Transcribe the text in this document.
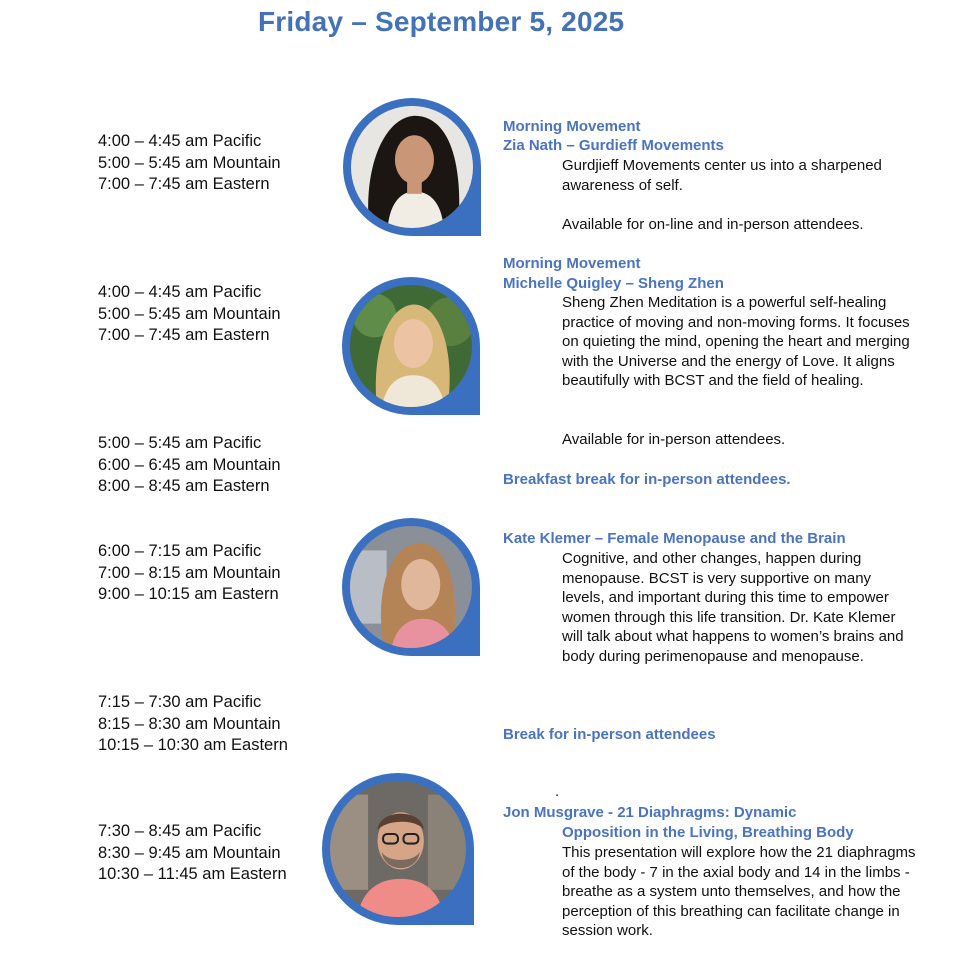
Friday – September 5, 2025
4:00 – 4:45 am Pacific
5:00 – 5:45 am Mountain
7:00 – 7:45 am Eastern
Morning Movement
Zia Nath – Gurdieff Movements
Gurdjieff Movements center us into a sharpened awareness of self.
Available for on-line and in-person attendees.
4:00 – 4:45 am Pacific
5:00 – 5:45 am Mountain
7:00 – 7:45 am Eastern
Morning Movement
Michelle Quigley – Sheng Zhen
Sheng Zhen Meditation is a powerful self-healing practice of moving and non-moving forms. It focuses on quieting the mind, opening the heart and merging with the Universe and the energy of Love. It aligns beautifully with BCST and the field of healing.
Available for in-person attendees.
5:00 – 5:45 am Pacific
6:00 – 6:45 am Mountain
8:00 – 8:45 am Eastern	Breakfast break for in-person attendees.
6:00 – 7:15 am Pacific
7:00 – 8:15 am Mountain
9:00 – 10:15 am Eastern
Kate Klemer – Female Menopause and the Brain
Cognitive, and other changes, happen during menopause. BCST is very supportive on many levels, and important during this time to empower women through this life transition. Dr. Kate Klemer will talk about what happens to women’s brains and body during perimenopause and menopause.
7:15 – 7:30 am Pacific
8:15 – 8:30 am Mountain
10:15 – 10:30 am Eastern
Break for in-person attendees
.
7:30 – 8:45 am Pacific
8:30 – 9:45 am Mountain
10:30 – 11:45 am Eastern
Jon Musgrave - 21 Diaphragms: Dynamic
Opposition in the Living, Breathing Body
This presentation will explore how the 21 diaphragms of the body - 7 in the axial body and 14 in the limbs - breathe as a system unto themselves, and how the perception of this breathing can facilitate change in session work.
